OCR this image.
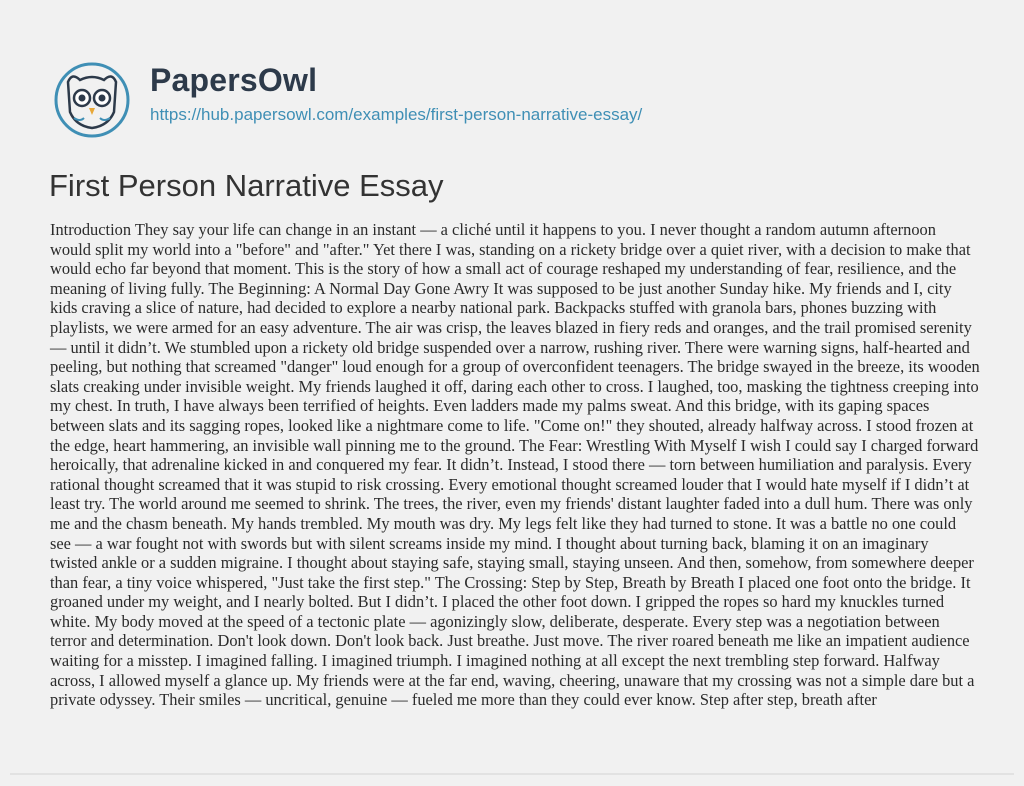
PapersOwl
https://hub.papersowl.com/examples/first-person-narrative-essay/
First Person Narrative Essay

Introduction They say your life can change in an instant — a cliché until it happens to you. I never thought a random autumn afternoon would split my world into a "before" and "after." Yet there I was, standing on a rickety bridge over a quiet river, with a decision to make that would echo far beyond that moment. This is the story of how a small act of courage reshaped my understanding of fear, resilience, and the meaning of living fully. The Beginning: A Normal Day Gone Awry It was supposed to be just another Sunday hike. My friends and I, city kids craving a slice of nature, had decided to explore a nearby national park. Backpacks stuffed with granola bars, phones buzzing with playlists, we were armed for an easy adventure. The air was crisp, the leaves blazed in fiery reds and oranges, and the trail promised serenity — until it didn’t. We stumbled upon a rickety old bridge suspended over a narrow, rushing river. There were warning signs, half-hearted and peeling, but nothing that screamed "danger" loud enough for a group of overconfident teenagers. The bridge swayed in the breeze, its wooden slats creaking under invisible weight. My friends laughed it off, daring each other to cross. I laughed, too, masking the tightness creeping into my chest. In truth, I have always been terrified of heights. Even ladders made my palms sweat. And this bridge, with its gaping spaces between slats and its sagging ropes, looked like a nightmare come to life. "Come on!" they shouted, already halfway across. I stood frozen at the edge, heart hammering, an invisible wall pinning me to the ground. The Fear: Wrestling With Myself I wish I could say I charged forward heroically, that adrenaline kicked in and conquered my fear. It didn’t. Instead, I stood there — torn between humiliation and paralysis. Every rational thought screamed that it was stupid to risk crossing. Every emotional thought screamed louder that I would hate myself if I didn’t at least try. The world around me seemed to shrink. The trees, the river, even my friends' distant laughter faded into a dull hum. There was only me and the chasm beneath. My hands trembled. My mouth was dry. My legs felt like they had turned to stone. It was a battle no one could see — a war fought not with swords but with silent screams inside my mind. I thought about turning back, blaming it on an imaginary twisted ankle or a sudden migraine. I thought about staying safe, staying small, staying unseen. And then, somehow, from somewhere deeper than fear, a tiny voice whispered, "Just take the first step." The Crossing: Step by Step, Breath by Breath I placed one foot onto the bridge. It groaned under my weight, and I nearly bolted. But I didn’t. I placed the other foot down. I gripped the ropes so hard my knuckles turned white. My body moved at the speed of a tectonic plate — agonizingly slow, deliberate, desperate. Every step was a negotiation between terror and determination. Don't look down. Don't look back. Just breathe. Just move. The river roared beneath me like an impatient audience waiting for a misstep. I imagined falling. I imagined triumph. I imagined nothing at all except the next trembling step forward. Halfway across, I allowed myself a glance up. My friends were at the far end, waving, cheering, unaware that my crossing was not a simple dare but a private odyssey. Their smiles — uncritical, genuine — fueled me more than they could ever know. Step after step, breath after
